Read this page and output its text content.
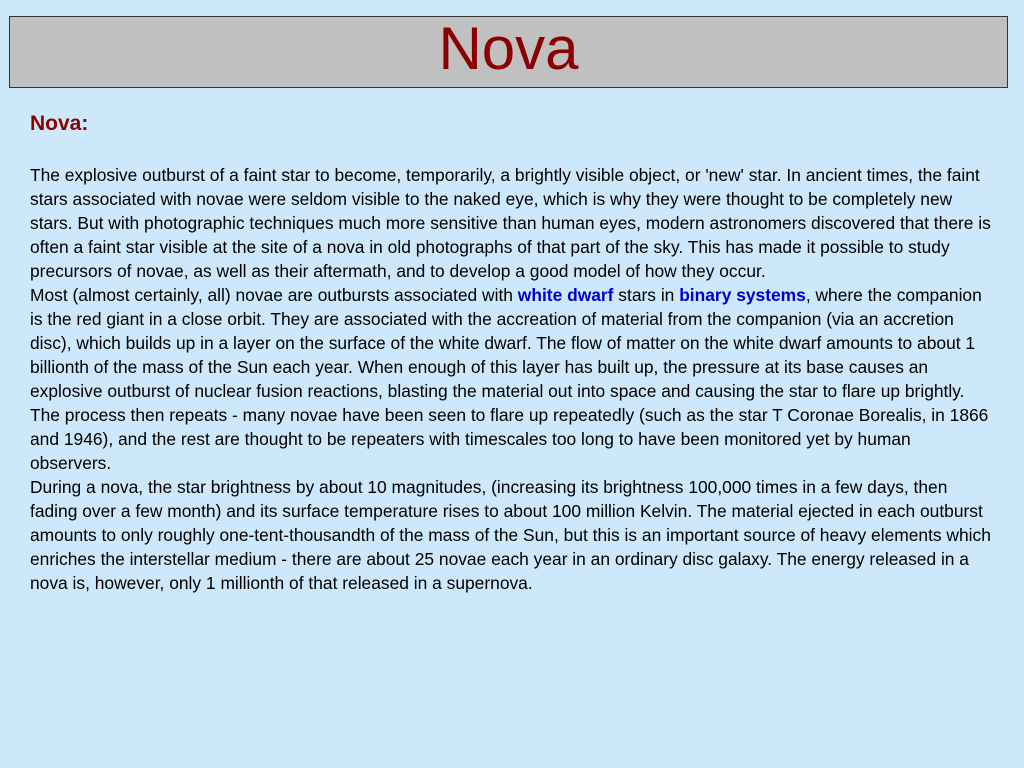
Nova
Nova:

The explosive outburst of a faint star to become, temporarily, a brightly visible object, or 'new' star. In ancient times, the faint stars associated with novae were seldom visible to the naked eye, which is why they were thought to be completely new stars. But with photographic techniques much more sensitive than human eyes, modern astronomers discovered that there is often a faint star visible at the site of a nova in old photographs of that part of the sky. This has made it possible to study precursors of novae, as well as their aftermath, and to develop a good model of how they occur.

Most (almost certainly, all) novae are outbursts associated with white dwarf stars in binary systems, where the companion is the red giant in a close orbit. They are associated with the accreation of material from the companion (via an accretion disc), which builds up in a layer on the surface of the white dwarf. The flow of matter on the white dwarf amounts to about 1 billionth of the mass of the Sun each year. When enough of this layer has built up, the pressure at its base causes an explosive outburst of nuclear fusion reactions, blasting the material out into space and causing the star to flare up brightly. The process then repeats - many novae have been seen to flare up repeatedly (such as the star T Coronae Borealis, in 1866 and 1946), and the rest are thought to be repeaters with timescales too long to have been monitored yet by human observers.

During a nova, the star brightness by about 10 magnitudes, (increasing its brightness 100,000 times in a few days, then fading over a few month) and its surface temperature rises to about 100 million Kelvin. The material ejected in each outburst amounts to only roughly one-tent-thousandth of the mass of the Sun, but this is an important source of heavy elements which enriches the interstellar medium - there are about 25 novae each year in an ordinary disc galaxy. The energy released in a nova is, however, only 1 millionth of that released in a supernova.
